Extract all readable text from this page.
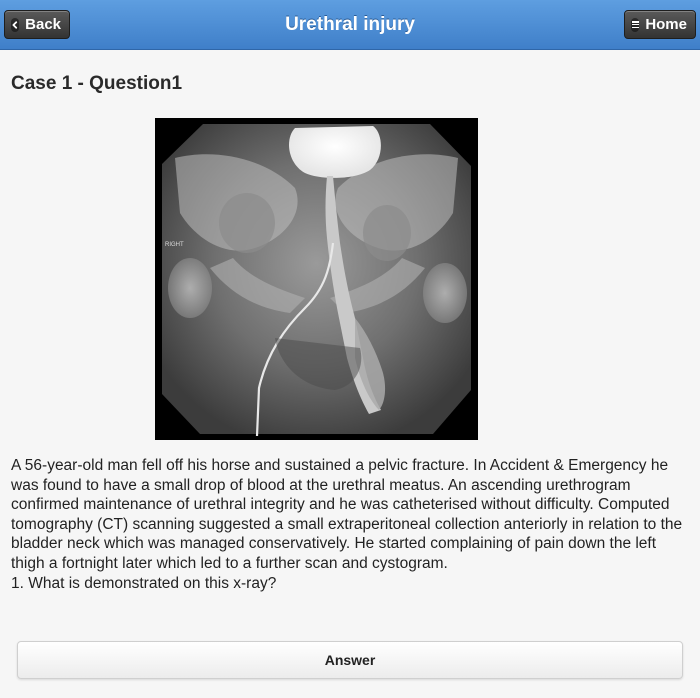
Urethral injury
Back	Home
Case 1 - Question1
RIGHT

A 56-year-old man fell off his horse and sustained a pelvic fracture. In Accident & Emergency he was found to have a small drop of blood at the urethral meatus. An ascending urethrogram confirmed maintenance of urethral integrity and he was catheterised without difficulty. Computed tomography (CT) scanning suggested a small extraperitoneal collection anteriorly in relation to the bladder neck which was managed conservatively. He started complaining of pain down the left thigh a fortnight later which led to a further scan and cystogram.

1. What is demonstrated on this x-ray?

Answer
